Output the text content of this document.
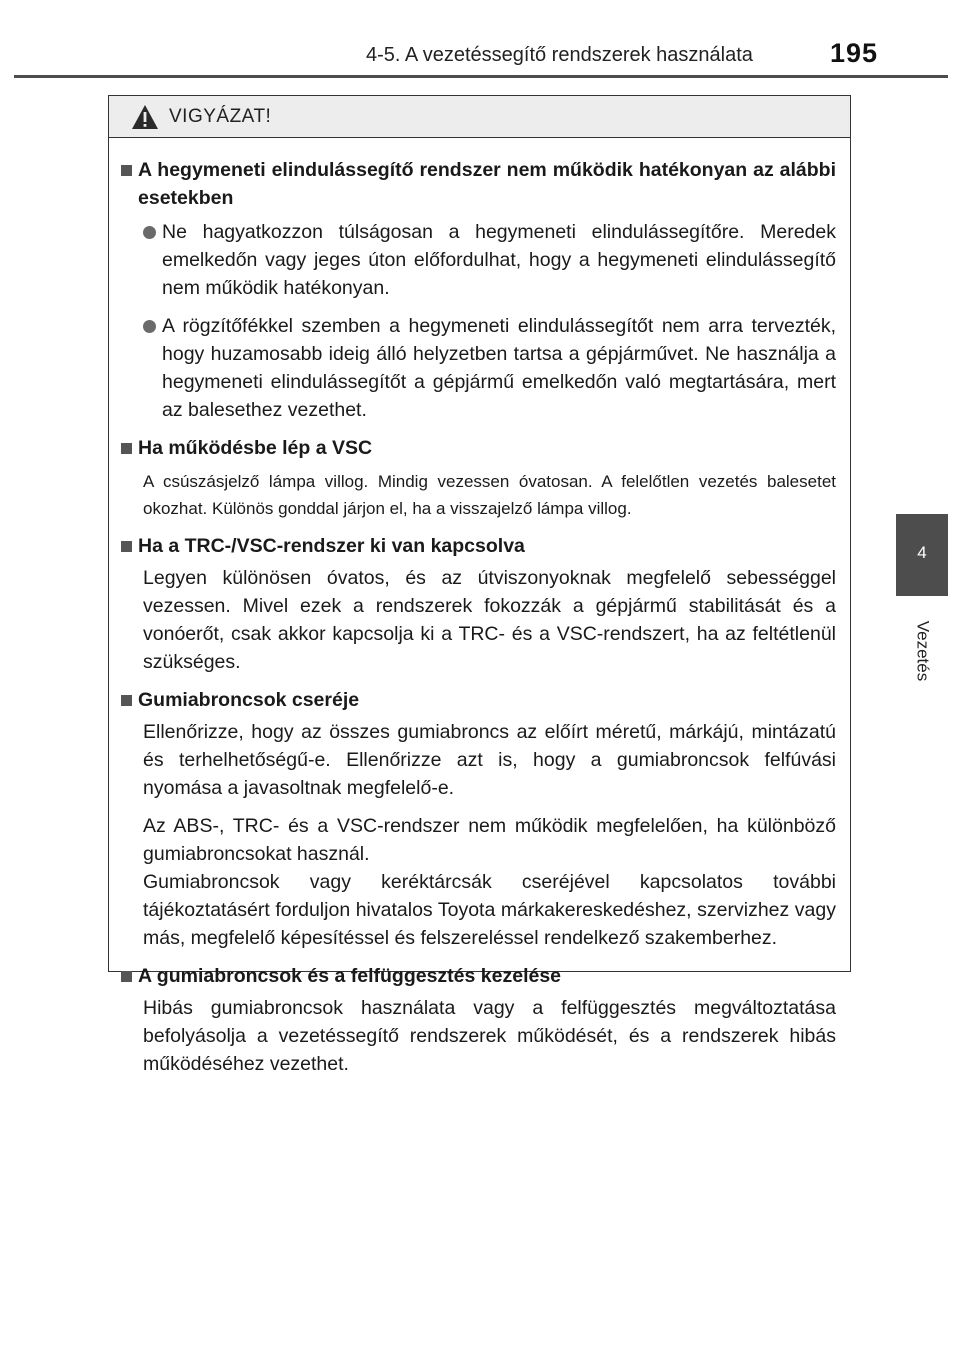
4-5. A vezetéssegítő rendszerek használata	195
4
Vezetés
VIGYÁZAT!
A hegymeneti elindulássegítő rendszer nem működik hatékonyan az alábbi esetekben
Ne hagyatkozzon túlságosan a hegymeneti elindulássegítőre. Meredek emelkedőn vagy jeges úton előfordulhat, hogy a hegymeneti elindulássegítő nem működik hatékonyan.
A rögzítőfékkel szemben a hegymeneti elindulássegítőt nem arra tervezték, hogy huzamosabb ideig álló helyzetben tartsa a gépjárművet. Ne használja a hegymeneti elindulássegítőt a gépjármű emelkedőn való megtartására, mert az balesethez vezethet.
Ha működésbe lép a VSC
A csúszásjelző lámpa villog. Mindig vezessen óvatosan. A felelőtlen vezetés balesetet okozhat. Különös gonddal járjon el, ha a visszajelző lámpa villog.
Ha a TRC-/VSC-rendszer ki van kapcsolva
Legyen különösen óvatos, és az útviszonyoknak megfelelő sebességgel vezessen. Mivel ezek a rendszerek fokozzák a gépjármű stabilitását és a vonóerőt, csak akkor kapcsolja ki a TRC- és a VSC-rendszert, ha az feltétlenül szükséges.
Gumiabroncsok cseréje
Ellenőrizze, hogy az összes gumiabroncs az előírt méretű, márkájú, mintázatú és terhelhetőségű-e. Ellenőrizze azt is, hogy a gumiabroncsok felfúvási nyomása a javasoltnak megfelelő-e.
Az ABS-, TRC- és a VSC-rendszer nem működik megfelelően, ha különböző gumiabroncsokat használ.
Gumiabroncsok vagy keréktárcsák cseréjével kapcsolatos további tájékoztatásért forduljon hivatalos Toyota márkakereskedéshez, szervizhez vagy más, megfelelő képesítéssel és felszereléssel rendelkező szakemberhez.
A gumiabroncsok és a felfüggesztés kezelése
Hibás gumiabroncsok használata vagy a felfüggesztés megváltoztatása befolyásolja a vezetéssegítő rendszerek működését, és a rendszerek hibás működéséhez vezethet.
